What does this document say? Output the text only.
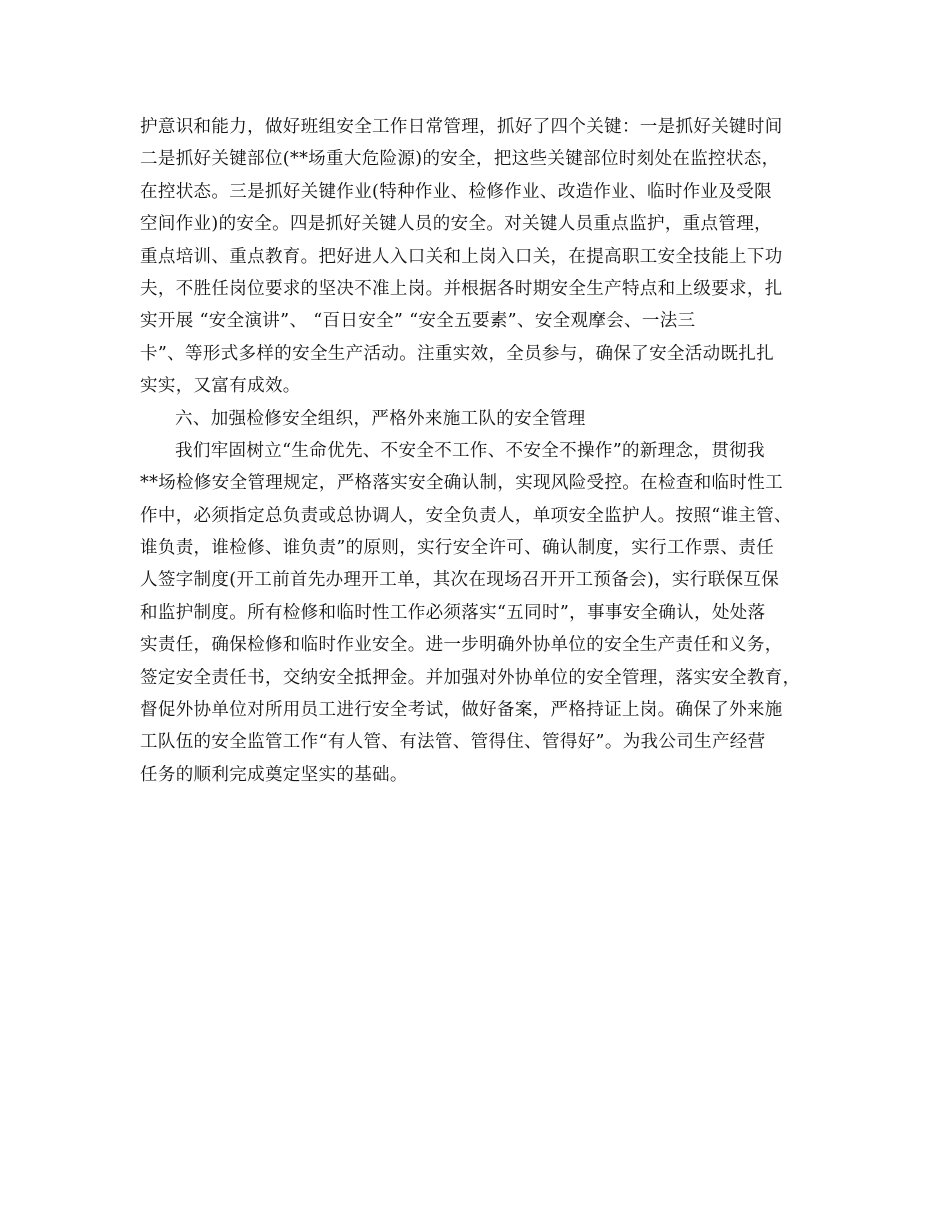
护意识和能力，做好班组安全工作日常管理，抓好了四个关键：一是抓好关键时间
二是抓好关键部位(**场重大危险源)的安全，把这些关键部位时刻处在监控状态，
在控状态。三是抓好关键作业(特种作业、检修作业、改造作业、临时作业及受限
空间作业)的安全。四是抓好关键人员的安全。对关键人员重点监护，重点管理，
重点培训、重点教育。把好进人入口关和上岗入口关，在提高职工安全技能上下功
夫，不胜任岗位要求的坚决不准上岗。并根据各时期安全生产特点和上级要求，扎
实开展 “安全演讲”、 “百日安全” “安全五要素”、安全观摩会、一法三
卡”、等形式多样的安全生产活动。注重实效，全员参与，确保了安全活动既扎扎
实实，又富有成效。
六、加强检修安全组织，严格外来施工队的安全管理
我们牢固树立“生命优先、不安全不工作、不安全不操作”的新理念，贯彻我
**场检修安全管理规定，严格落实安全确认制，实现风险受控。在检查和临时性工
作中，必须指定总负责或总协调人，安全负责人，单项安全监护人。按照“谁主管、
谁负责，谁检修、谁负责”的原则，实行安全许可、确认制度，实行工作票、责任
人签字制度(开工前首先办理开工单，其次在现场召开开工预备会)，实行联保互保
和监护制度。所有检修和临时性工作必须落实“五同时”，事事安全确认，处处落
实责任，确保检修和临时作业安全。进一步明确外协单位的安全生产责任和义务，
签定安全责任书，交纳安全抵押金。并加强对外协单位的安全管理，落实安全教育，
督促外协单位对所用员工进行安全考试，做好备案，严格持证上岗。确保了外来施
工队伍的安全监管工作“有人管、有法管、管得住、管得好”。为我公司生产经营
任务的顺利完成奠定坚实的基础。
